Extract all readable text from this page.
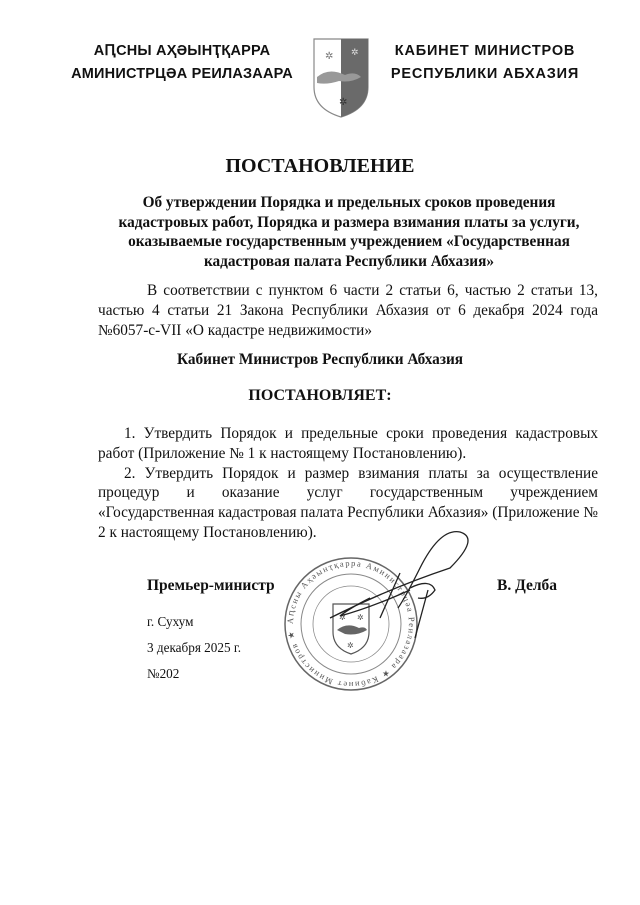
АԤСНЫ АҲӘЫНҬҚАРРА
АМИНИСТРЦӘА РЕИЛАЗААРА
✲ ✲
✲
КАБИНЕТ МИНИСТРОВ
РЕСПУБЛИКИ АБХАЗИЯ
ПОСТАНОВЛЕНИЕ
Об утверждении Порядка и предельных сроков проведения кадастровых работ, Порядка и размера взимания платы за услуги, оказываемые государственным учреждением «Государственная кадастровая палата Республики Абхазия»

В соответствии с пунктом 6 части 2 статьи 6, частью 2 статьи 13, частью 4 статьи 21 Закона Республики Абхазия от 6 декабря 2024 года №6057-с-VII «О кадастре недвижимости»

Кабинет Министров Республики Абхазия
ПОСТАНОВЛЯЕТ:

1. Утвердить Порядок и предельные сроки проведения кадастровых работ (Приложение № 1 к настоящему Постановлению).

2. Утвердить Порядок и размер взимания платы за осуществление процедур и оказание услуг государственным учреждением «Государственная кадастровая палата Республики Абхазия» (Приложение № 2 к настоящему Постановлению).

Аԥсны Аҳәынҭқарра Аминистрцәа Реилазаара ★ Кабинет Министров ★
✲ ✲
✲
Премьер-министр	В. Делба
г. Сухум
3 декабря 2025 г.
№202
